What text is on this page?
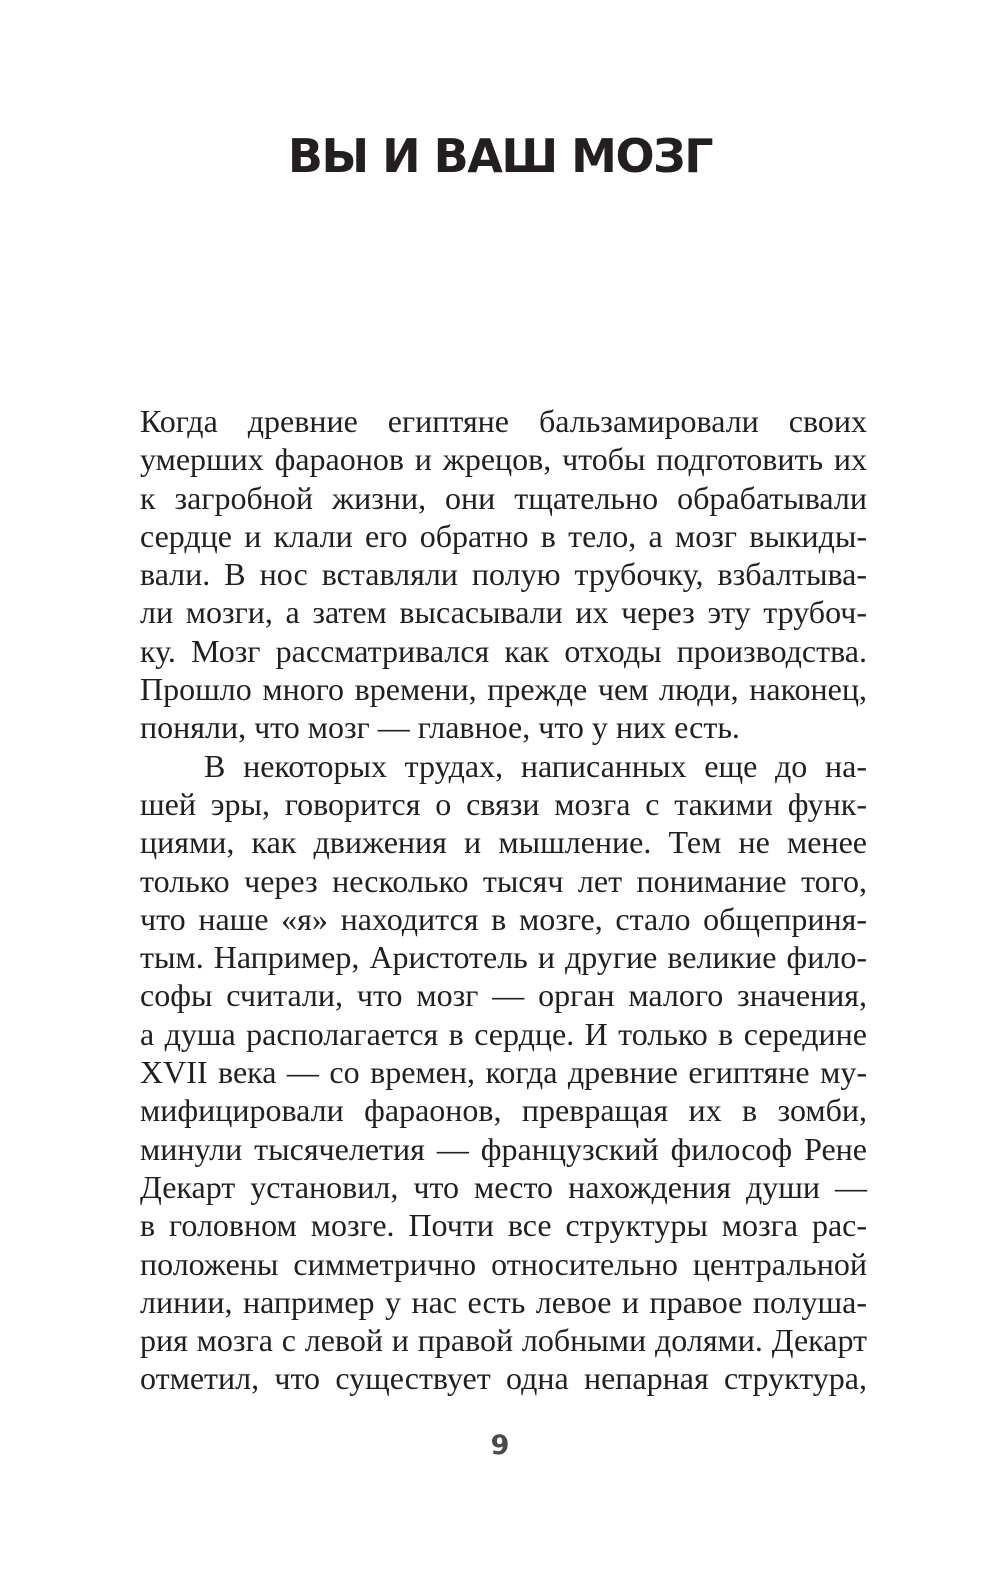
ВЫ И ВАШ МОЗГ
Когда древние египтяне бальзамировали своих
умерших фараонов и жрецов, чтобы подготовить их
к загробной жизни, они тщательно обрабатывали
сердце и клали его обратно в тело, а мозг выкиды-
вали. В нос вставляли полую трубочку, взбалтыва-
ли мозги, а затем высасывали их через эту трубоч-
ку. Мозг рассматривался как отходы производства.
Прошло много времени, прежде чем люди, наконец,
поняли, что мозг — главное, что у них есть.
В некоторых трудах, написанных еще до на-
шей эры, говорится о связи мозга с такими функ-
циями, как движения и мышление. Тем не менее
только через несколько тысяч лет понимание того,
что наше «я» находится в мозге, стало общеприня-
тым. Например, Аристотель и другие великие фило-
софы считали, что мозг — орган малого значения,
а душа располагается в сердце. И только в середине
XVII века — со времен, когда древние египтяне му-
мифицировали фараонов, превращая их в зомби,
минули тысячелетия — французский философ Рене
Декарт установил, что место нахождения души —
в головном мозге. Почти все структуры мозга рас-
положены симметрично относительно центральной
линии, например у нас есть левое и правое полуша-
рия мозга с левой и правой лобными долями. Декарт
отметил, что существует одна непарная структура,
9
